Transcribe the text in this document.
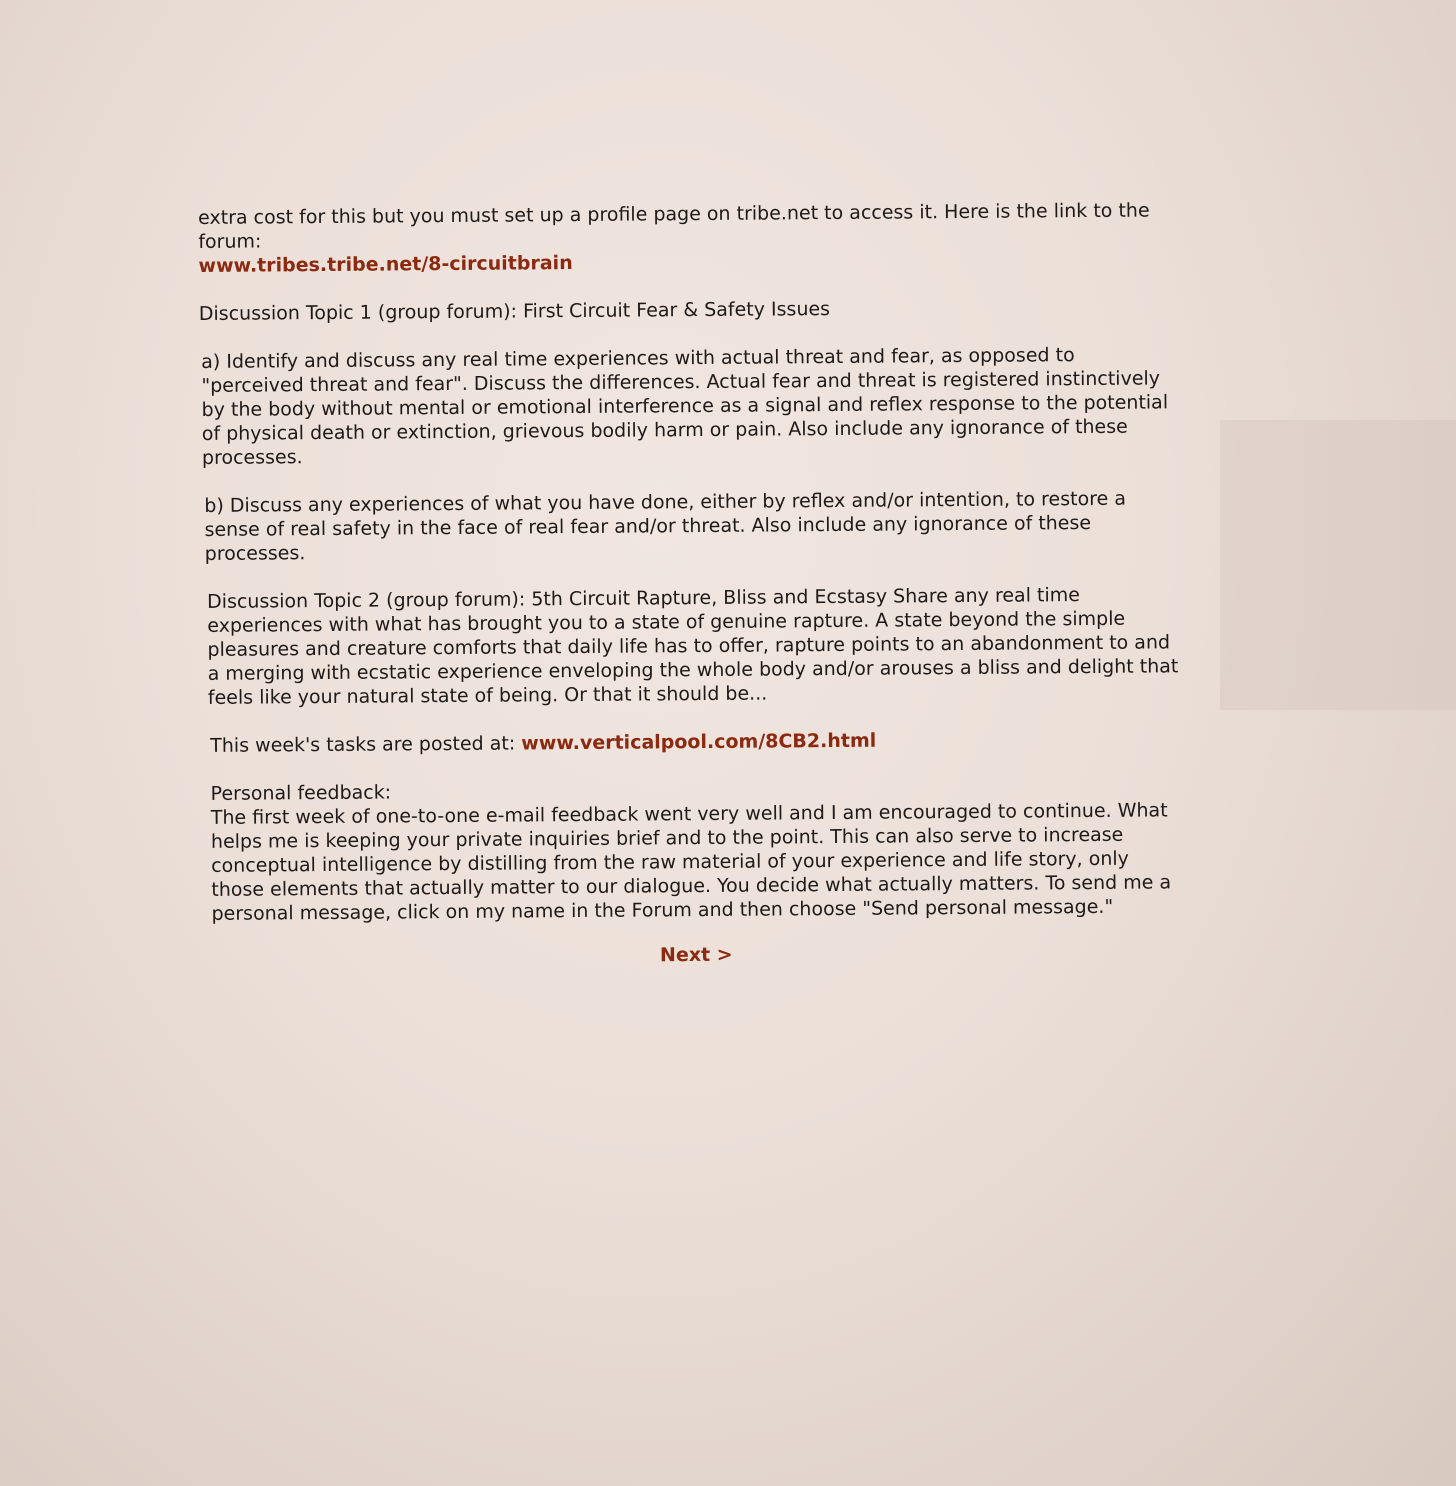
extra cost for this but you must set up a profile page on tribe.net to access it. Here is the link to the forum:
www.tribes.tribe.net/8-circuitbrain
Discussion Topic 1 (group forum): First Circuit Fear & Safety Issues
a) Identify and discuss any real time experiences with actual threat and fear, as opposed to "perceived threat and fear". Discuss the differences. Actual fear and threat is registered instinctively by the body without mental or emotional interference as a signal and reflex response to the potential of physical death or extinction, grievous bodily harm or pain. Also include any ignorance of these processes.
b) Discuss any experiences of what you have done, either by reflex and/or intention, to restore a sense of real safety in the face of real fear and/or threat. Also include any ignorance of these processes.
Discussion Topic 2 (group forum): 5th Circuit Rapture, Bliss and Ecstasy Share any real time experiences with what has brought you to a state of genuine rapture. A state beyond the simple pleasures and creature comforts that daily life has to offer, rapture points to an abandonment to and a merging with ecstatic experience enveloping the whole body and/or arouses a bliss and delight that feels like your natural state of being. Or that it should be...
This week's tasks are posted at: www.verticalpool.com/8CB2.html
Personal feedback:
The first week of one-to-one e-mail feedback went very well and I am encouraged to continue. What helps me is keeping your private inquiries brief and to the point. This can also serve to increase conceptual intelligence by distilling from the raw material of your experience and life story, only those elements that actually matter to our dialogue. You decide what actually matters. To send me a personal message, click on my name in the Forum and then choose "Send personal message."
Next >
